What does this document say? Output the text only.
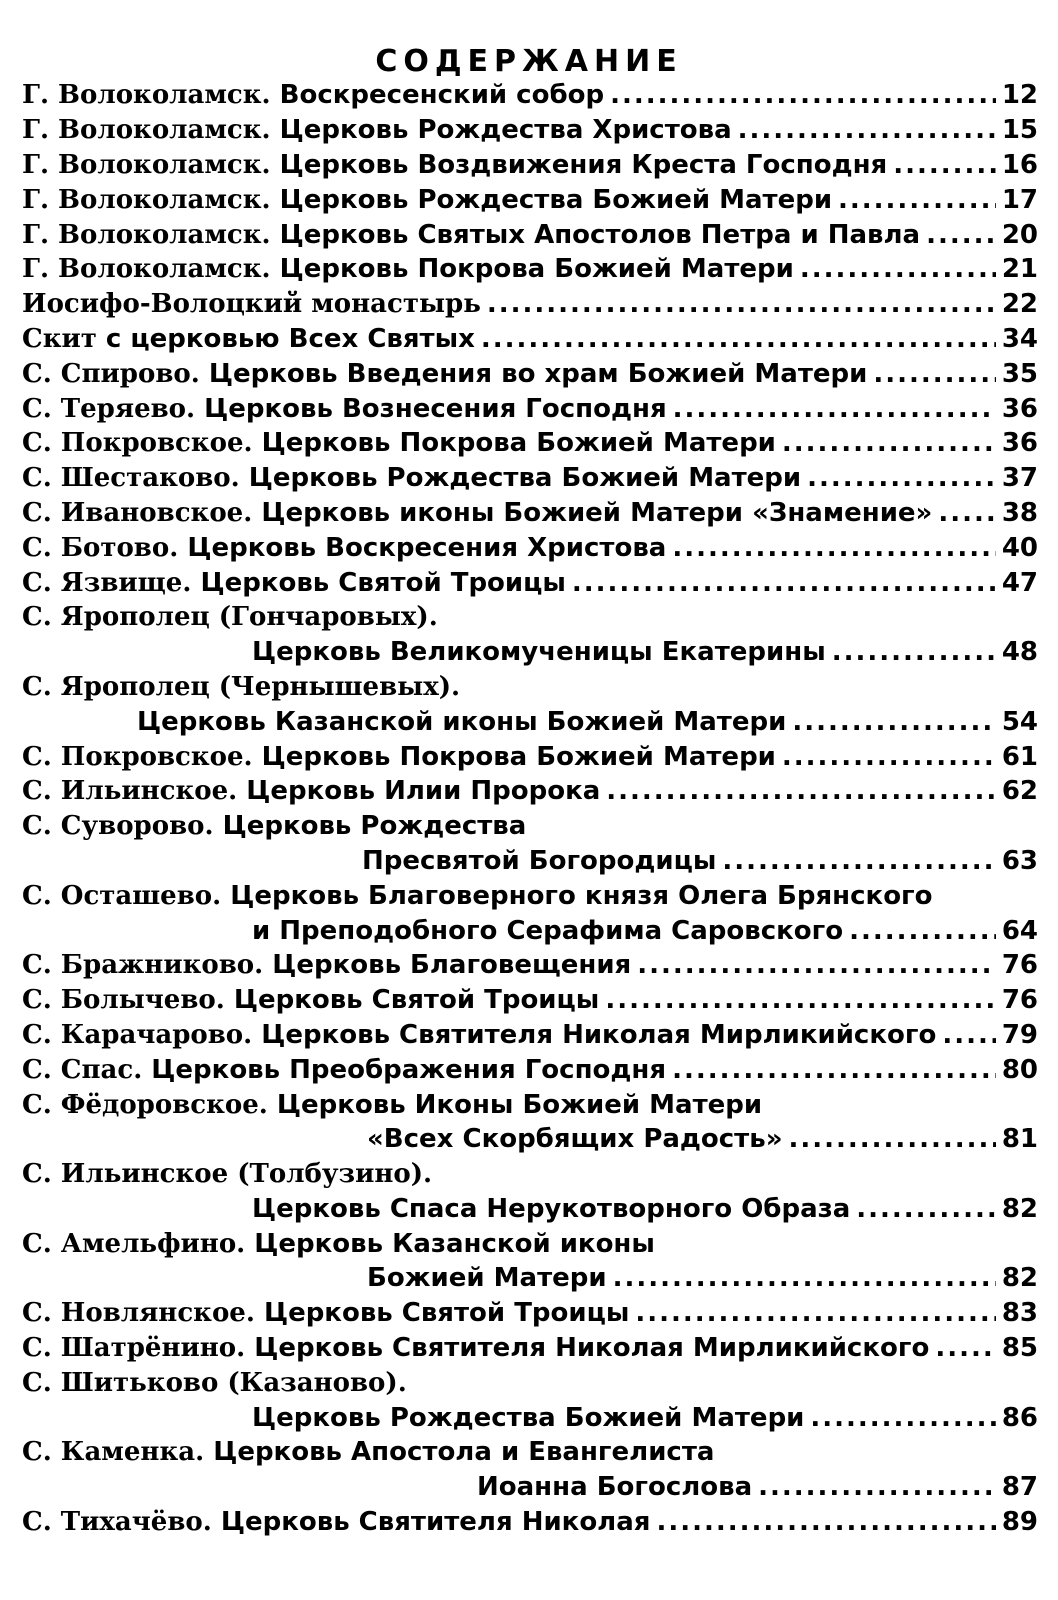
СОДЕРЖАНИЕ
Г. Волоколамск. Воскресенский собор .....	12
Г. Волоколамск. Церковь Рождества Христова .....	15
Г. Волоколамск. Церковь Воздвижения Креста Господня .....	16
Г. Волоколамск. Церковь Рождества Божией Матери .....	17
Г. Волоколамск. Церковь Святых Апостолов Петра и Павла .....	20
Г. Волоколамск. Церковь Покрова Божией Матери .....	21
Иосифо-Волоцкий монастырь .....	22
Скит с церковью Всех Святых .....	34
С. Спирово. Церковь Введения во храм Божией Матери .....	35
С. Теряево. Церковь Вознесения Господня .....	36
С. Покровское. Церковь Покрова Божией Матери .....	36
С. Шестаково. Церковь Рождества Божией Матери .....	37
С. Ивановское. Церковь иконы Божией Матери «Знамение» .....	38
С. Ботово. Церковь Воскресения Христова .....	40
С. Язвище. Церковь Святой Троицы .....	47
С. Ярополец (Гончаровых).
Церковь Великомученицы Екатерины .....	48
С. Ярополец (Чернышевых).
Церковь Казанской иконы Божией Матери .....	54
С. Покровское. Церковь Покрова Божией Матери .....	61
С. Ильинское. Церковь Илии Пророка .....	62
С. Суворово. Церковь Рождества
Пресвятой Богородицы .....	63
С. Осташево. Церковь Благоверного князя Олега Брянского
и Преподобного Серафима Саровского .....	64
С. Бражниково. Церковь Благовещения .....	76
С. Болычево. Церковь Святой Троицы .....	76
С. Карачарово. Церковь Святителя Николая Мирликийского .....	79
С. Спас. Церковь Преображения Господня .....	80
С. Фёдоровское. Церковь Иконы Божией Матери
«Всех Скорбящих Радость» .....	81
С. Ильинское (Толбузино).
Церковь Спаса Нерукотворного Образа .....	82
С. Амельфино. Церковь Казанской иконы
Божией Матери .....	82
С. Новлянское. Церковь Святой Троицы .....	83
С. Шатрёнино. Церковь Святителя Николая Мирликийского .....	85
С. Шитьково (Казаново).
Церковь Рождества Божией Матери .....	86
С. Каменка. Церковь Апостола и Евангелиста
Иоанна Богослова .....	87
С. Тихачёво. Церковь Святителя Николая .....	89
